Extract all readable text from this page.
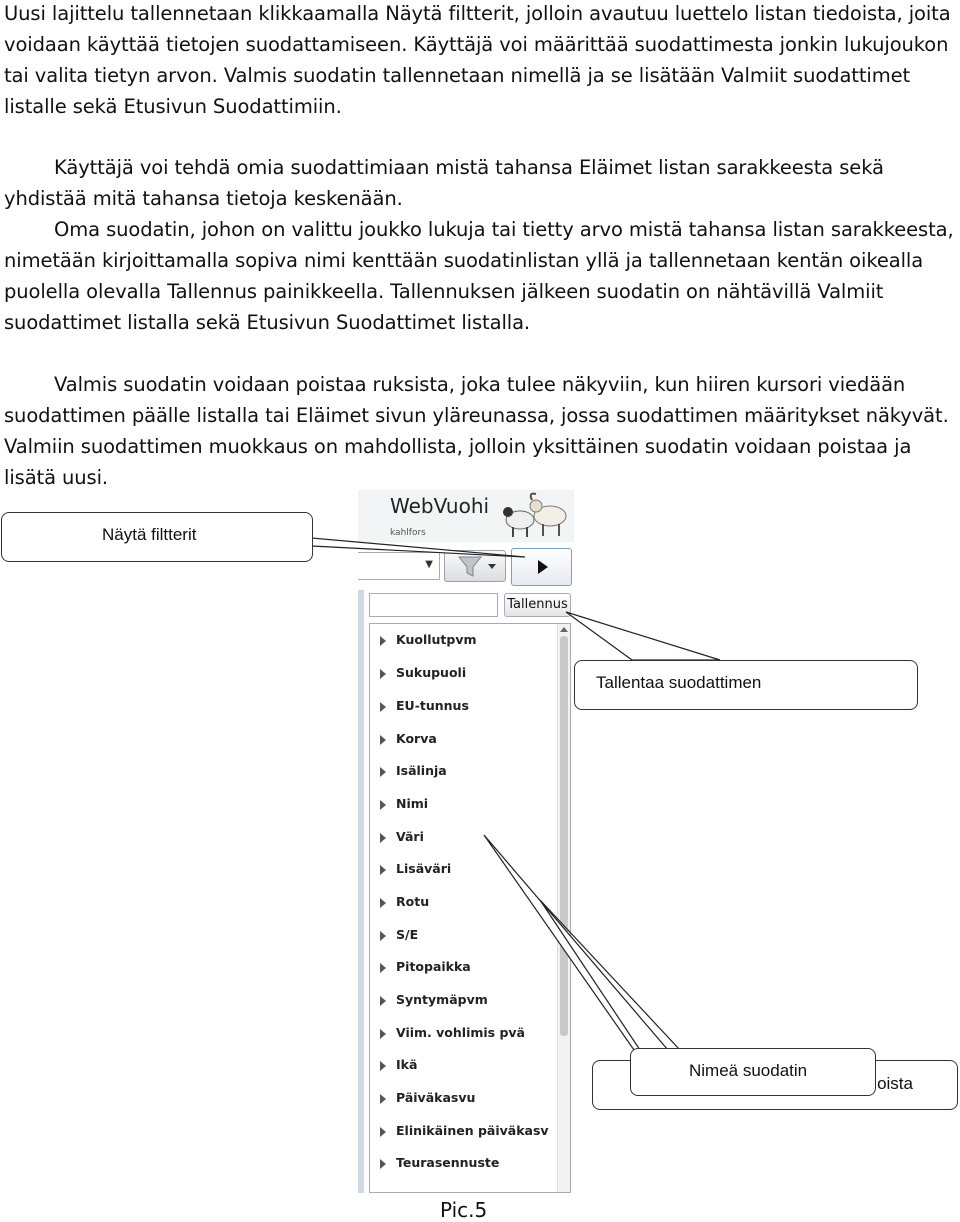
Uusi lajittelu tallennetaan klikkaamalla Näytä filtterit, jolloin avautuu luettelo listan tiedoista, joita voidaan käyttää tietojen suodattamiseen. Käyttäjä voi määrittää suodattimesta jonkin lukujoukon tai valita tietyn arvon. Valmis suodatin tallennetaan nimellä ja se lisätään Valmiit suodattimet listalle sekä Etusivun Suodattimiin.

Käyttäjä voi tehdä omia suodattimiaan mistä tahansa Eläimet listan sarakkeesta sekä yhdistää mitä tahansa tietoja keskenään.

Oma suodatin, johon on valittu joukko lukuja tai tietty arvo mistä tahansa listan sarakkeesta, nimetään kirjoittamalla sopiva nimi kenttään suodatinlistan yllä ja tallennetaan kentän oikealla puolella olevalla Tallennus painikkeella. Tallennuksen jälkeen suodatin on nähtävillä Valmiit suodattimet listalla sekä Etusivun Suodattimet listalla.

Valmis suodatin voidaan poistaa ruksista, joka tulee näkyviin, kun hiiren kursori viedään suodattimen päälle listalla tai Eläimet sivun yläreunassa, jossa suodattimen määritykset näkyvät. Valmiin suodattimen muokkaus on mahdollista, jolloin yksittäinen suodatin voidaan poistaa ja lisätä uusi.

WebVuohi
kahlfors
▼
Tallennus
Kuollutpvm
Sukupuoli
EU-tunnus
Korva
Isälinja
Nimi
Väri
Lisäväri
Rotu
S/E
Pitopaikka
Syntymäpvm
Viim. vohlimis pvä
Ikä
Päiväkasvu
Elinikäinen päiväkasv
Teurasennuste
Näytä filtterit
Tallentaa suodattimen
oista
Nimeä suodatin
Pic.5
